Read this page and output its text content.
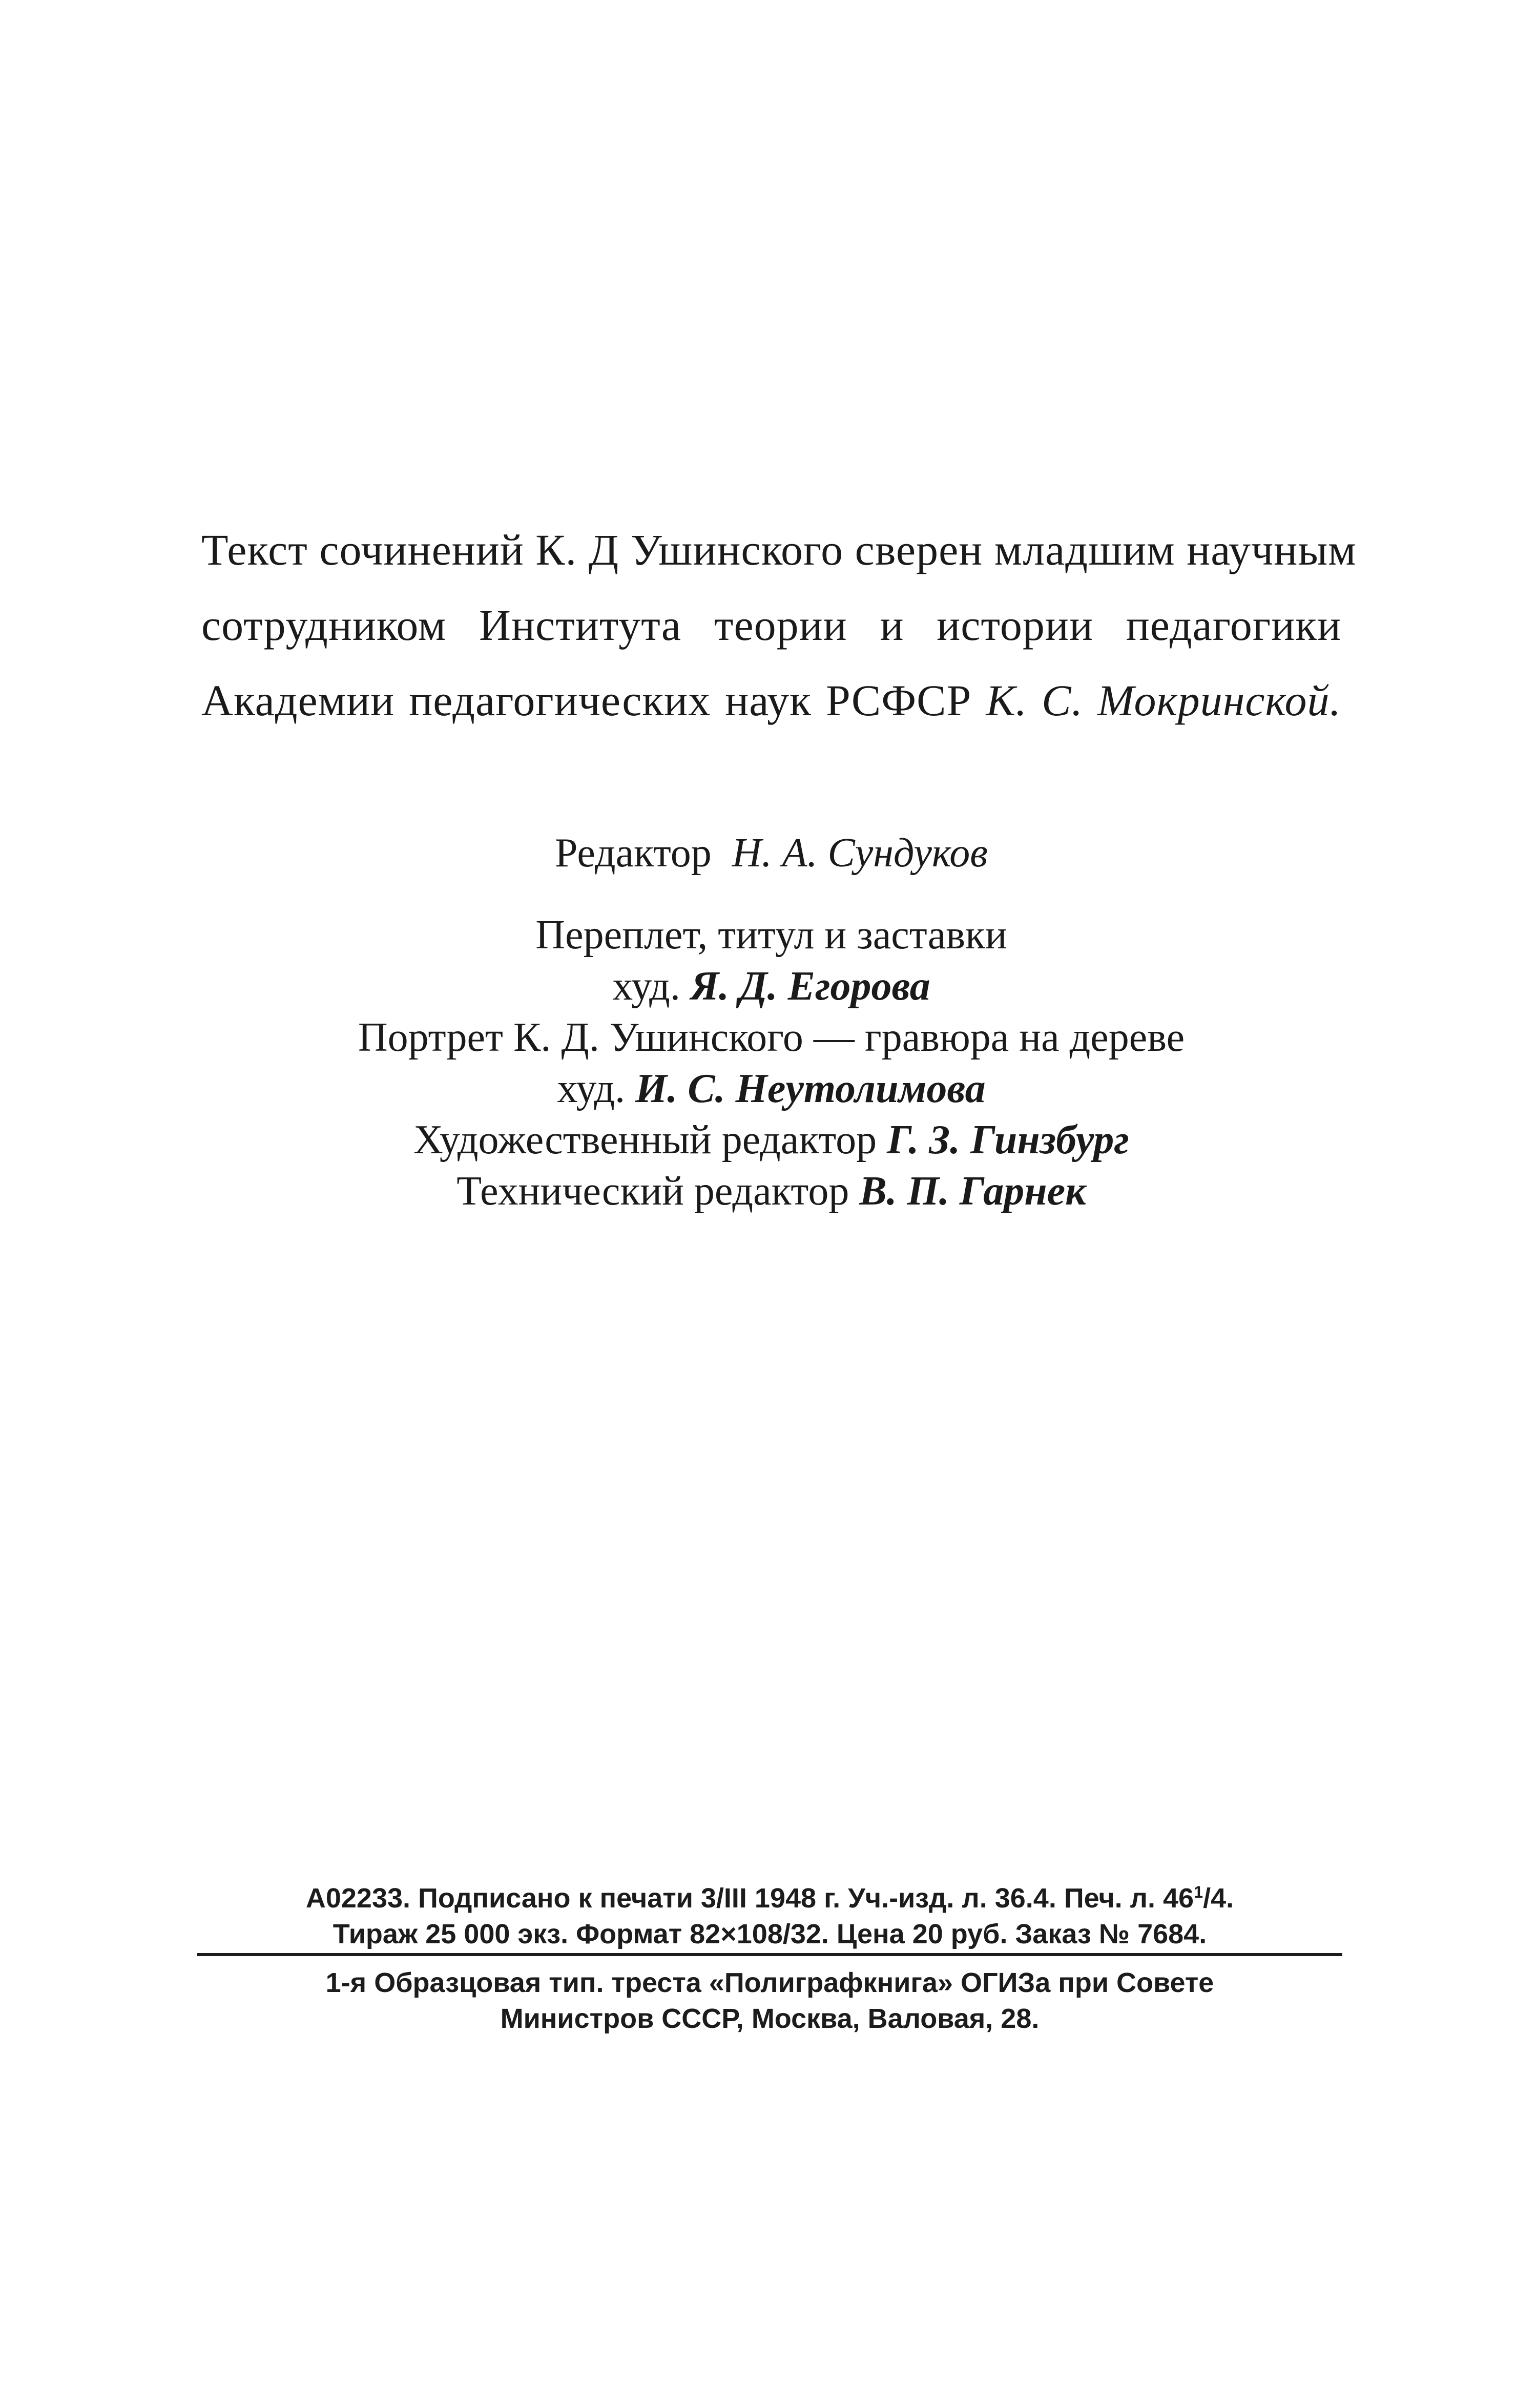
Текст сочинений К. Д Ушинского сверен младшим научным
сотрудником Института теории и истории педагогики
Академии педагогических наук РСФСР К. С. Мокринской.
Редактор Н. А. Сундуков
Переплет, титул и заставки
худ. Я. Д. Егорова
Портрет К. Д. Ушинского — гравюра на дереве
худ. И. С. Неутолимова
Художественный редактор Г. З. Гинзбург
Технический редактор В. П. Гарнек
А02233. Подписано к печати 3/III 1948 г. Уч.-изд. л. 36.4. Печ. л. $46^1/4$.
Тираж 25 000 экз. Формат 82×108/32. Цена 20 руб. Заказ № 7684.
1-я Образцовая тип. треста «Полиграфкнига» ОГИЗа при Совете
Министров СССР, Москва, Валовая, 28.
